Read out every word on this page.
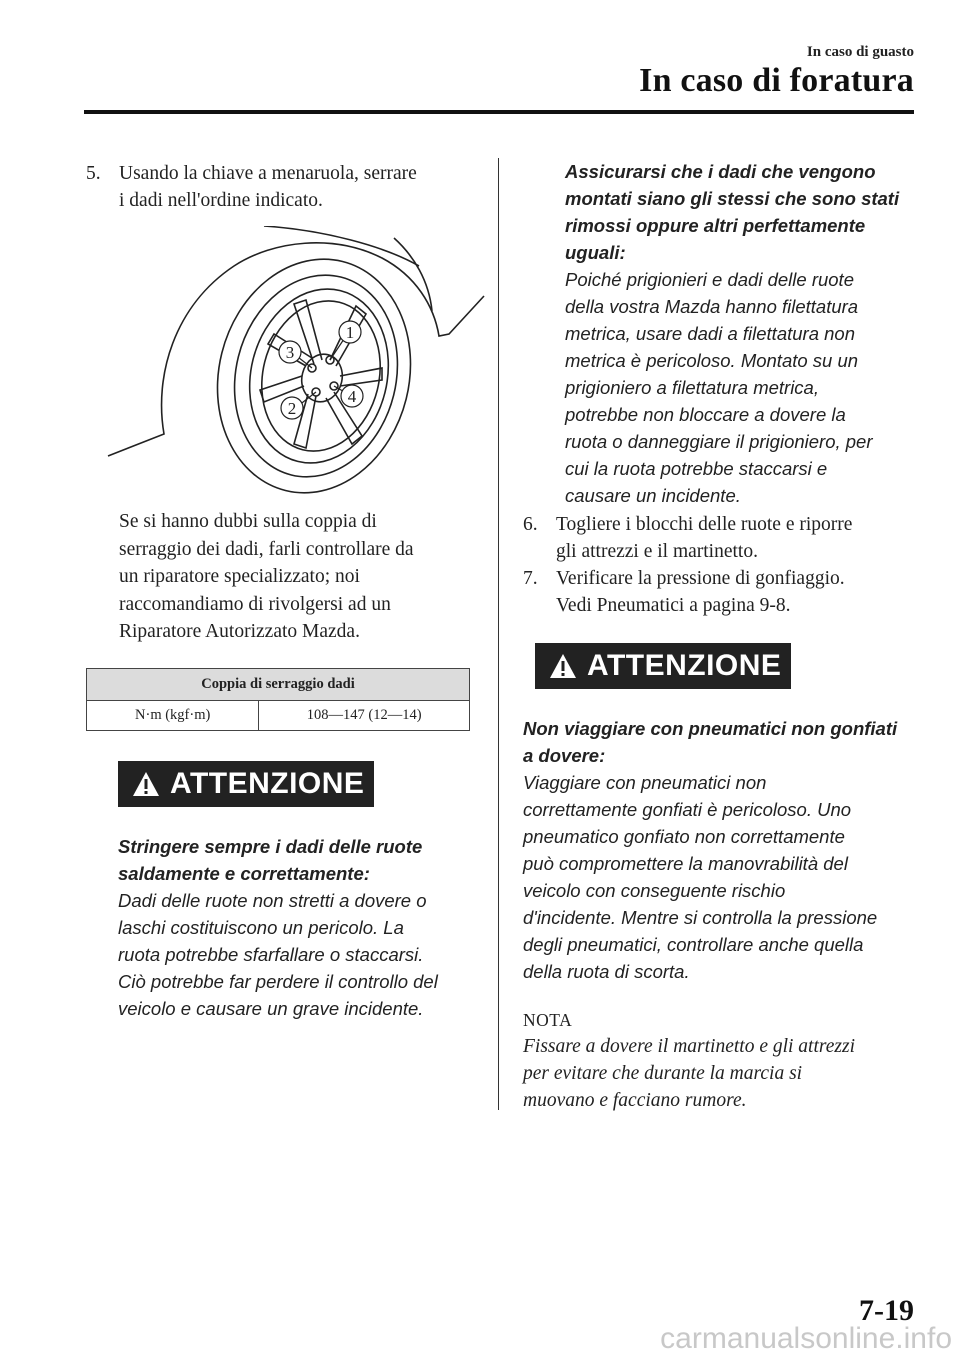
In caso di guasto
In caso di foratura
5. Usando la chiave a menaruola, serrare
i dadi nell'ordine indicato.
1
2
3
4
Se si hanno dubbi sulla coppia di
serraggio dei dadi, farli controllare da
un riparatore specializzato; noi
raccomandiamo di rivolgersi ad un
Riparatore Autorizzato Mazda.
Coppia di serraggio dadi
N·m (kgf·m)	108—147 (12—14)
ATTENZIONE
Stringere sempre i dadi delle ruote
saldamente e correttamente:
Dadi delle ruote non stretti a dovere o
laschi costituiscono un pericolo. La
ruota potrebbe sfarfallare o staccarsi.
Ciò potrebbe far perdere il controllo del
veicolo e causare un grave incidente.
Assicurarsi che i dadi che vengono
montati siano gli stessi che sono stati
rimossi oppure altri perfettamente
uguali:
Poiché prigionieri e dadi delle ruote
della vostra Mazda hanno filettatura
metrica, usare dadi a filettatura non
metrica è pericoloso. Montato su un
prigioniero a filettatura metrica,
potrebbe non bloccare a dovere la
ruota o danneggiare il prigioniero, per
cui la ruota potrebbe staccarsi e
causare un incidente.
6. Togliere i blocchi delle ruote e riporre
gli attrezzi e il martinetto.
7. Verificare la pressione di gonfiaggio.
Vedi Pneumatici a pagina 9-8.
ATTENZIONE
Non viaggiare con pneumatici non gonfiati
a dovere:
Viaggiare con pneumatici non
correttamente gonfiati è pericoloso. Uno
pneumatico gonfiato non correttamente
può compromettere la manovrabilità del
veicolo con conseguente rischio
d'incidente. Mentre si controlla la pressione
degli pneumatici, controllare anche quella
della ruota di scorta.
NOTA
Fissare a dovere il martinetto e gli attrezzi
per evitare che durante la marcia si
muovano e facciano rumore.
7-19
carmanualsonline.info
